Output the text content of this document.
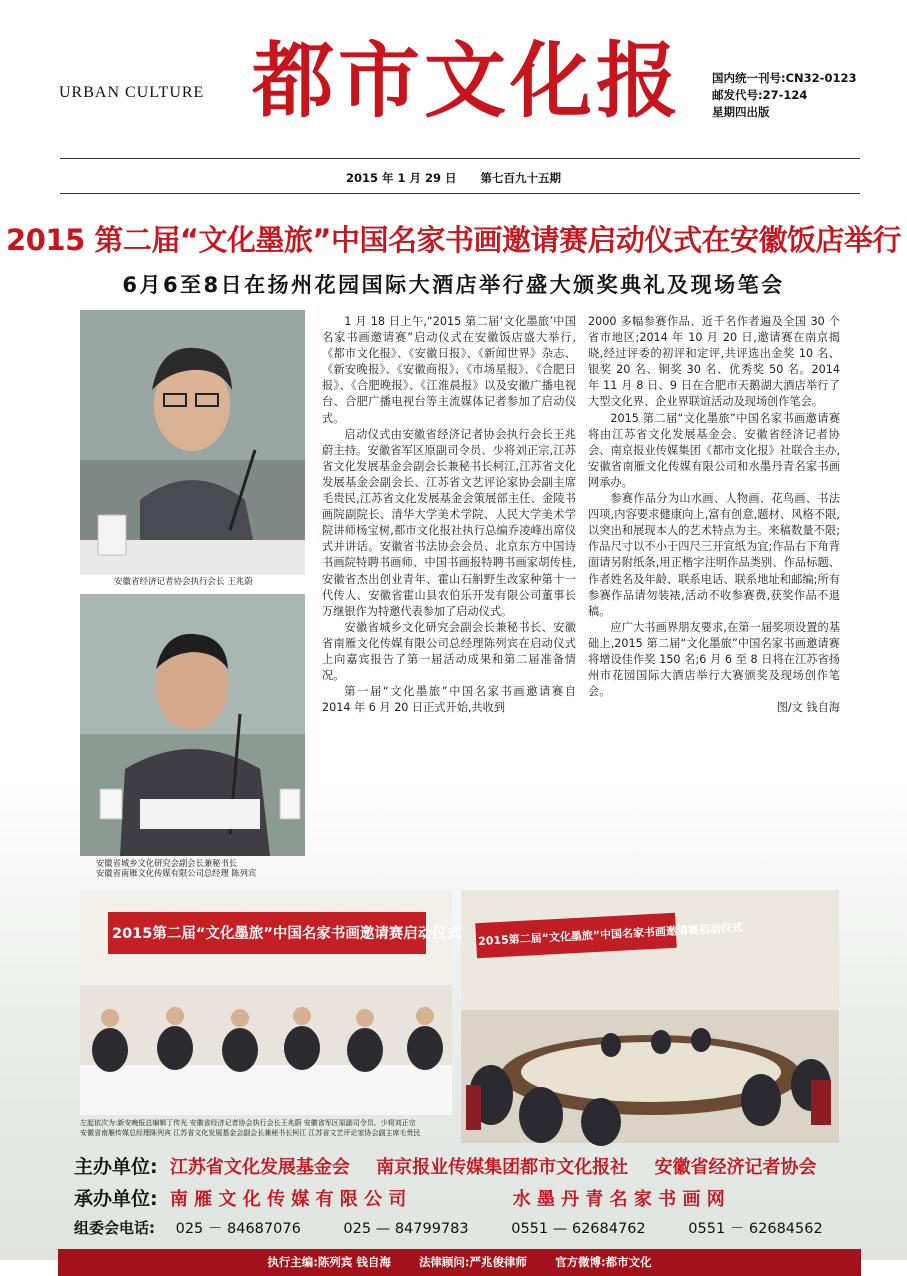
URBAN CULTURE 都市文化报	国内统一刊号:CN32-0123
邮发代号:27-124
星期四出版
2015 年 1 月 29 日 第七百九十五期
2015 第二届“文化墨旅”中国名家书画邀请赛启动仪式在安徽饭店举行
6月6至8日在扬州花园国际大酒店举行盛大颁奖典礼及现场笔会
安徽省经济记者协会执行会长 王兆蔚
安徽省城乡文化研究会副会长兼秘书长
安徽省南雁文化传媒有限公司总经理 陈列宾

1 月 18 日上午,“2015 第二届‘文化墨旅’中国名家书画邀请赛”启动仪式在安徽饭店盛大举行,《都市文化报》、《安徽日报》、《新闻世界》杂志、《新安晚报》、《安徽商报》、《市场星报》、《合肥日报》、《合肥晚报》、《江淮晨报》以及安徽广播电视台、合肥广播电视台等主流媒体记者参加了启动仪式。

启动仪式由安徽省经济记者协会执行会长王兆蔚主持。安徽省军区原副司令员、少将刘正宗,江苏省文化发展基金会副会长兼秘书长柯江,江苏省文化发展基金会副会长、江苏省文艺评论家协会副主席毛贵民,江苏省文化发展基金会策展部主任、金陵书画院副院长、清华大学美术学院、人民大学美术学院讲师杨宝树,都市文化报社执行总编乔凌峰出席仪式并讲话。安徽省书法协会会员、北京东方中国诗书画院特聘书画师、中国书画报特聘书画家胡传桂,安徽省杰出创业青年、霍山石斛野生改家种第十一代传人、安徽省霍山县农伯乐开发有限公司董事长万继银作为特邀代表参加了启动仪式。

安徽省城乡文化研究会副会长兼秘书长、安徽省南雁文化传媒有限公司总经理陈列宾在启动仪式上向嘉宾报告了第一届活动成果和第二届准备情况。

第一届“文化墨旅”中国名家书画邀请赛自 2014 年 6 月 20 日正式开始,共收到

2000 多幅参赛作品、近千名作者遍及全国 30 个省市地区;2014 年 10 月 20 日,邀请赛在南京揭晓,经过评委的初评和定评,共评选出金奖 10 名、银奖 20 名、铜奖 30 名、优秀奖 50 名。2014 年 11 月 8 日、9 日在合肥市天鹅湖大酒店举行了大型文化界、企业界联谊活动及现场创作笔会。

2015 第二届“文化墨旅”中国名家书画邀请赛将由江苏省文化发展基金会、安徽省经济记者协会、南京报业传媒集团《都市文化报》社联合主办,安徽省南雁文化传媒有限公司和水墨丹青名家书画网承办。

参赛作品分为山水画、人物画、花鸟画、书法四项,内容要求健康向上,富有创意,题材、风格不限,以突出和展现本人的艺术特点为主。来稿数量不限;作品尺寸以不小于四尺三开宣纸为宜;作品右下角背面请另附纸条,用正楷字注明作品类别、作品标题、作者姓名及年龄、联系电话、联系地址和邮编;所有参赛作品请勿装裱,活动不收参赛费,获奖作品不退稿。

应广大书画界朋友要求,在第一届奖项设置的基础上,2015 第二届“文化墨旅”中国名家书画邀请赛将增设佳作奖 150 名;6 月 6 至 8 日将在江苏省扬州市花园国际大酒店举行大赛颁奖及现场创作笔会。

图/文 钱自海

2015第二届“文化墨旅”中国名家书画邀请赛启动仪式
左起依次为:新安晚报总编辑丁传光 安徽省经济记者协会执行会长王兆蔚 安徽省军区原副司令员、少将刘正宗
安徽省南雁传媒总经理陈列宾 江苏省文化发展基金会副会长兼秘书长柯江 江苏省文艺评论家协会副主席毛贵民
2015第二届“文化墨旅”中国名家书画邀请赛启动仪式
主办单位: 江苏省文化发展基金会 南京报业传媒集团都市文化报社 安徽省经济记者协会
承办单位: 南 雁 文 化 传 媒 有 限 公 司	水 墨 丹 青 名 家 书 画 网
组委会电话: 025 － 84687076	025 — 84799783	0551 — 62684762	0551 － 62684562
执行主编:陈列宾 钱自海 法律顾问:严兆俊律师 官方微博:都市文化
